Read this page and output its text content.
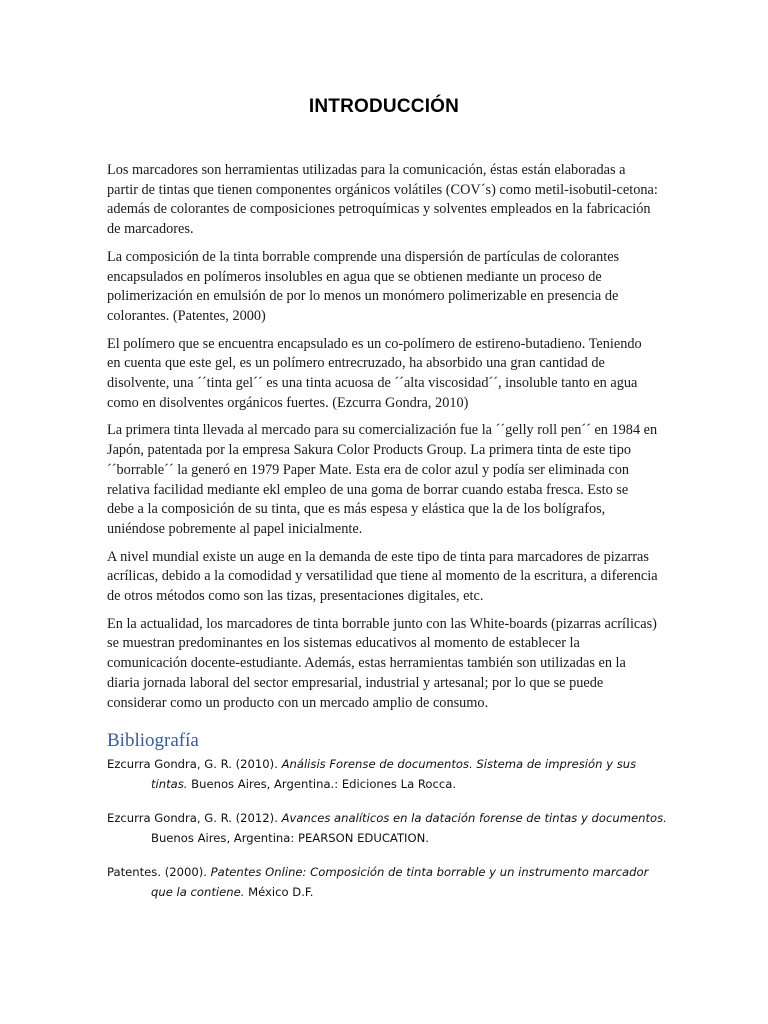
INTRODUCCIÓN

Los marcadores son herramientas utilizadas para la comunicación, éstas están elaboradas a partir de tintas que tienen componentes orgánicos volátiles (COV´s) como metil-isobutil-cetona: además de colorantes de composiciones petroquímicas y solventes empleados en la fabricación de marcadores.

La composición de la tinta borrable comprende una dispersión de partículas de colorantes encapsulados en polímeros insolubles en agua que se obtienen mediante un proceso de polimerización en emulsión de por lo menos un monómero polimerizable en presencia de colorantes. (Patentes, 2000)

El polímero que se encuentra encapsulado es un co-polímero de estireno-butadieno. Teniendo en cuenta que este gel, es un polímero entrecruzado, ha absorbido una gran cantidad de disolvente, una ´´tinta gel´´ es una tinta acuosa de ´´alta viscosidad´´, insoluble tanto en agua como en disolventes orgánicos fuertes. (Ezcurra Gondra, 2010)

La primera tinta llevada al mercado para su comercialización fue la ´´gelly roll pen´´ en 1984 en Japón, patentada por la empresa Sakura Color Products Group. La primera tinta de este tipo ´´borrable´´ la generó en 1979 Paper Mate. Esta era de color azul y podía ser eliminada con relativa facilidad mediante ekl empleo de una goma de borrar cuando estaba fresca. Esto se debe a la composición de su tinta, que es más espesa y elástica que la de los bolígrafos, uniéndose pobremente al papel inicialmente.

A nivel mundial existe un auge en la demanda de este tipo de tinta para marcadores de pizarras acrílicas, debido a la comodidad y versatilidad que tiene al momento de la escritura, a diferencia de otros métodos como son las tizas, presentaciones digitales, etc.

En la actualidad, los marcadores de tinta borrable junto con las White-boards (pizarras acrílicas) se muestran predominantes en los sistemas educativos al momento de establecer la comunicación docente-estudiante. Además, estas herramientas también son utilizadas en la diaria jornada laboral del sector empresarial, industrial y artesanal; por lo que se puede considerar como un producto con un mercado amplio de consumo.

Bibliografía
Ezcurra Gondra, G. R. (2010). Análisis Forense de documentos. Sistema de impresión y sus tintas. Buenos Aires, Argentina.: Ediciones La Rocca.
Ezcurra Gondra, G. R. (2012). Avances analíticos en la datación forense de tintas y documentos. Buenos Aires, Argentina: PEARSON EDUCATION.
Patentes. (2000). Patentes Online: Composición de tinta borrable y un instrumento marcador que la contiene. México D.F.
